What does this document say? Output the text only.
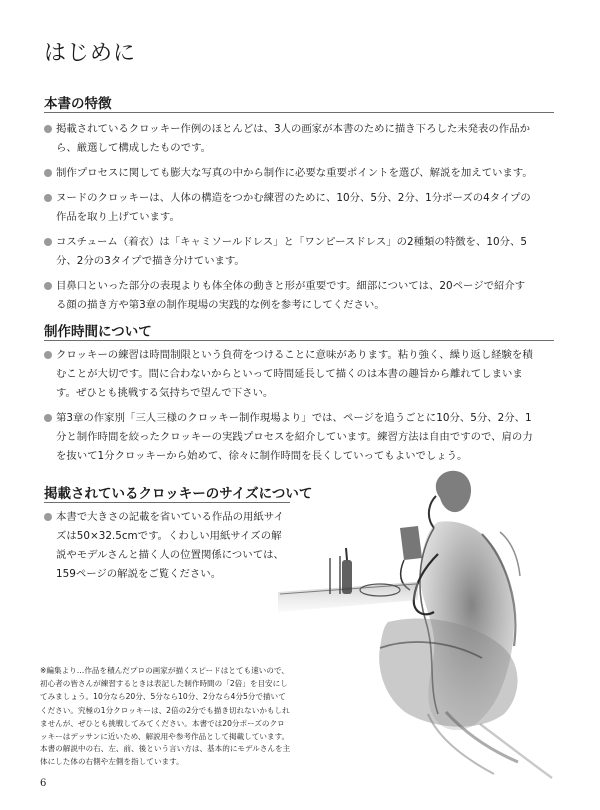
はじめに
本書の特徴
掲載されているクロッキー作例のほとんどは、3人の画家が本書のために描き下ろした未発表の作品から、厳選して構成したものです。
制作プロセスに関しても膨大な写真の中から制作に必要な重要ポイントを選び、解説を加えています。
ヌードのクロッキーは、人体の構造をつかむ練習のために、10分、5分、2分、1分ポーズの4タイプの作品を取り上げています。
コスチューム（着衣）は「キャミソールドレス」と「ワンピースドレス」の2種類の特徴を、10分、5分、2分の3タイプで描き分けています。
目鼻口といった部分の表現よりも体全体の動きと形が重要です。細部については、20ページで紹介する顔の描き方や第3章の制作現場の実践的な例を参考にしてください。
制作時間について
クロッキーの練習は時間制限という負荷をつけることに意味があります。粘り強く、繰り返し経験を積むことが大切です。間に合わないからといって時間延長して描くのは本書の趣旨から離れてしまいます。ぜひとも挑戦する気持ちで望んで下さい。
第3章の作家別「三人三様のクロッキー制作現場より」では、ページを追うごとに10分、5分、2分、1分と制作時間を絞ったクロッキーの実践プロセスを紹介しています。練習方法は自由ですので、肩の力を抜いて1分クロッキーから始めて、徐々に制作時間を長くしていってもよいでしょう。
掲載されているクロッキーのサイズについて
本書で大きさの記載を省いている作品の用紙サイズは50×32.5cmです。くわしい用紙サイズの解説やモデルさんと描く人の位置関係については、159ページの解説をご覧ください。

※編集より…作品を積んだプロの画家が描くスピードはとても速いので、初心者の皆さんが練習するときは表記した制作時間の「2倍」を目安にしてみましょう。10分なら20分、5分なら10分、2分なら4分5分で描いてください。究極の1分クロッキーは、2倍の2分でも描き切れないかもしれませんが、ぜひとも挑戦してみてください。本書では20分ポーズのクロッキーはデッサンに近いため、解説用や参考作品として掲載しています。

本書の解説中の右、左、前、後という言い方は、基本的にモデルさんを主体にした体の右側や左側を指しています。

6
